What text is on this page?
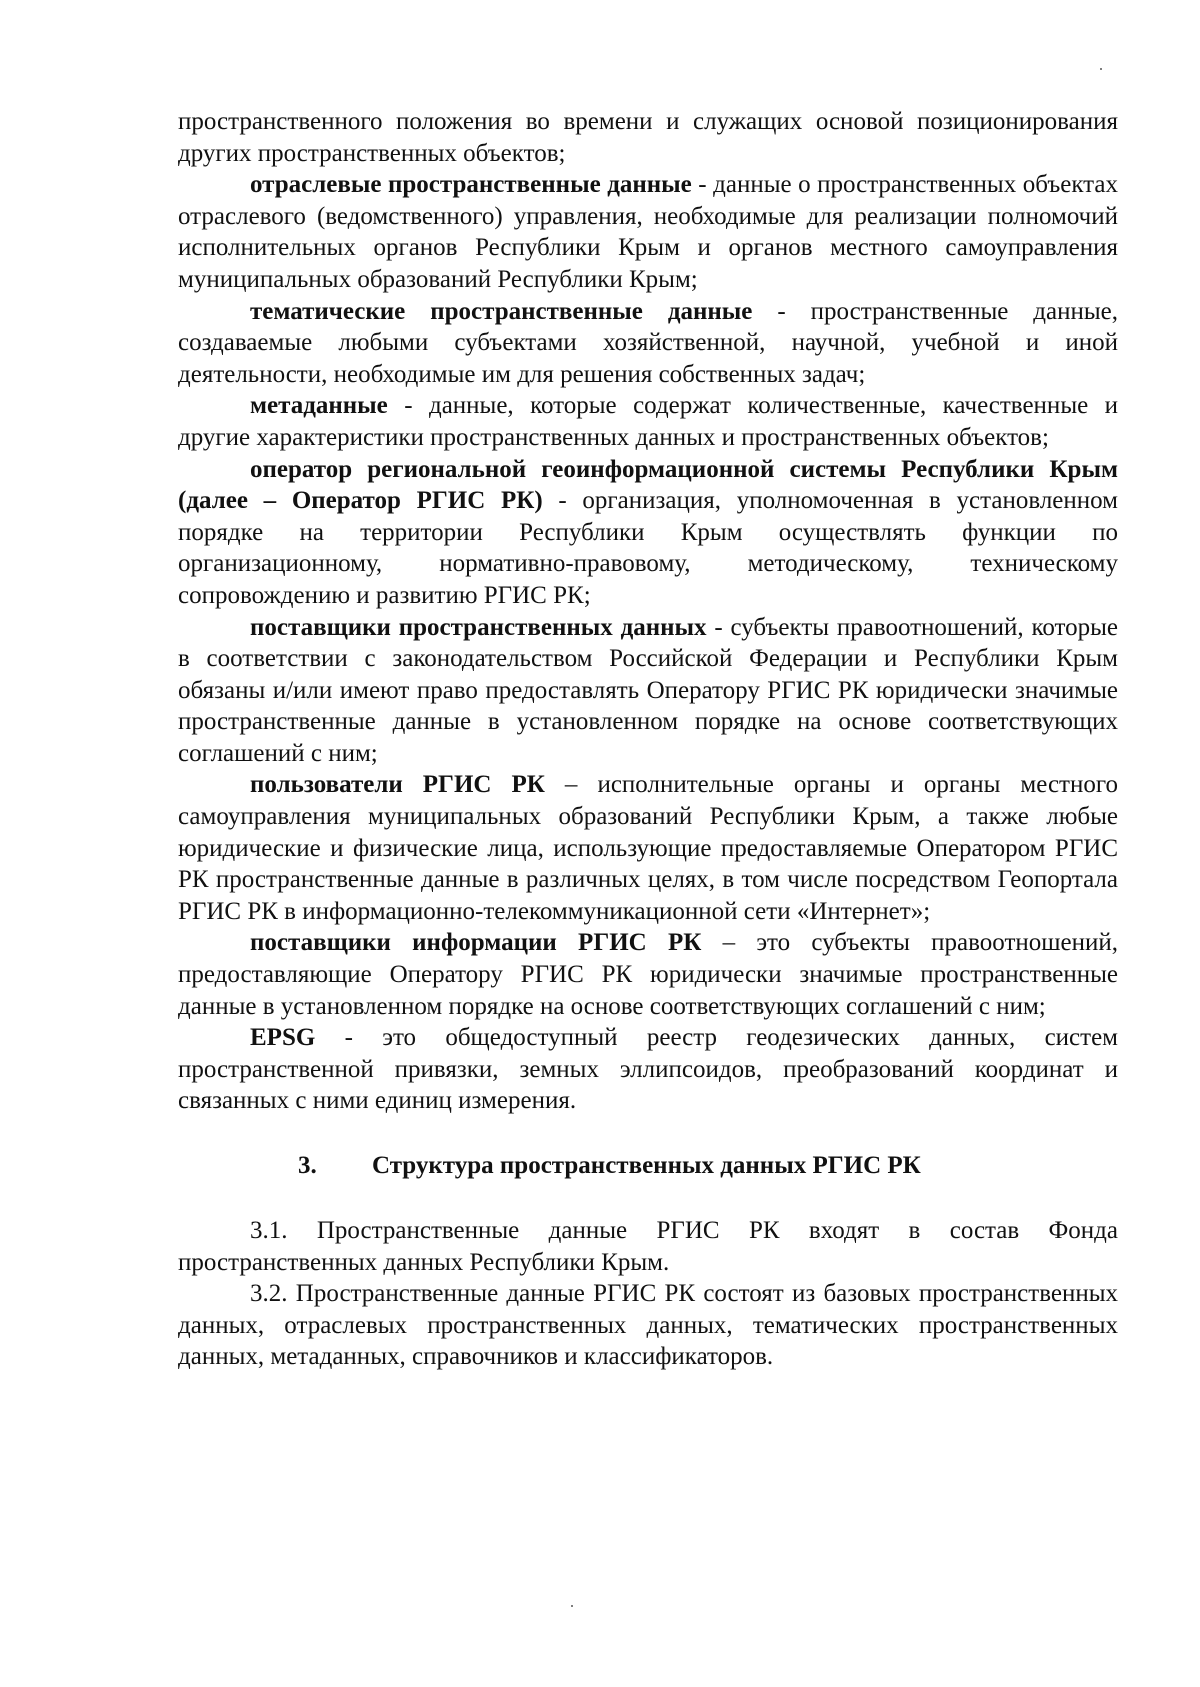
пространственного положения во времени и служащих основой позиционирования других пространственных объектов;

отраслевые пространственные данные - данные о пространственных объектах отраслевого (ведомственного) управления, необходимые для реализации полномочий исполнительных органов Республики Крым и органов местного самоуправления муниципальных образований Республики Крым;

тематические пространственные данные - пространственные данные, создаваемые любыми субъектами хозяйственной, научной, учебной и иной деятельности, необходимые им для решения собственных задач;

метаданные - данные, которые содержат количественные, качественные и другие характеристики пространственных данных и пространственных объектов;

оператор региональной геоинформационной системы Республики Крым (далее – Оператор РГИС РК) - организация, уполномоченная в установленном порядке на территории Республики Крым осуществлять функции по организационному, нормативно-правовому, методическому, техническому сопровождению и развитию РГИС РК;

поставщики пространственных данных - субъекты правоотношений, которые в соответствии с законодательством Российской Федерации и Республики Крым обязаны и/или имеют право предоставлять Оператору РГИС РК юридически значимые пространственные данные в установленном порядке на основе соответствующих соглашений с ним;

пользователи РГИС РК – исполнительные органы и органы местного самоуправления муниципальных образований Республики Крым, а также любые юридические и физические лица, использующие предоставляемые Оператором РГИС РК пространственные данные в различных целях, в том числе посредством Геопортала РГИС РК в информационно-телекоммуникационной сети «Интернет»;

поставщики информации РГИС РК – это субъекты правоотношений, предоставляющие Оператору РГИС РК юридически значимые пространственные данные в установленном порядке на основе соответствующих соглашений с ним;

EPSG - это общедоступный реестр геодезических данных, систем пространственной привязки, земных эллипсоидов, преобразований координат и связанных с ними единиц измерения.

3. Структура пространственных данных РГИС РК

3.1. Пространственные данные РГИС РК входят в состав Фонда пространственных данных Республики Крым.

3.2. Пространственные данные РГИС РК состоят из базовых пространственных данных, отраслевых пространственных данных, тематических пространственных данных, метаданных, справочников и классификаторов.
